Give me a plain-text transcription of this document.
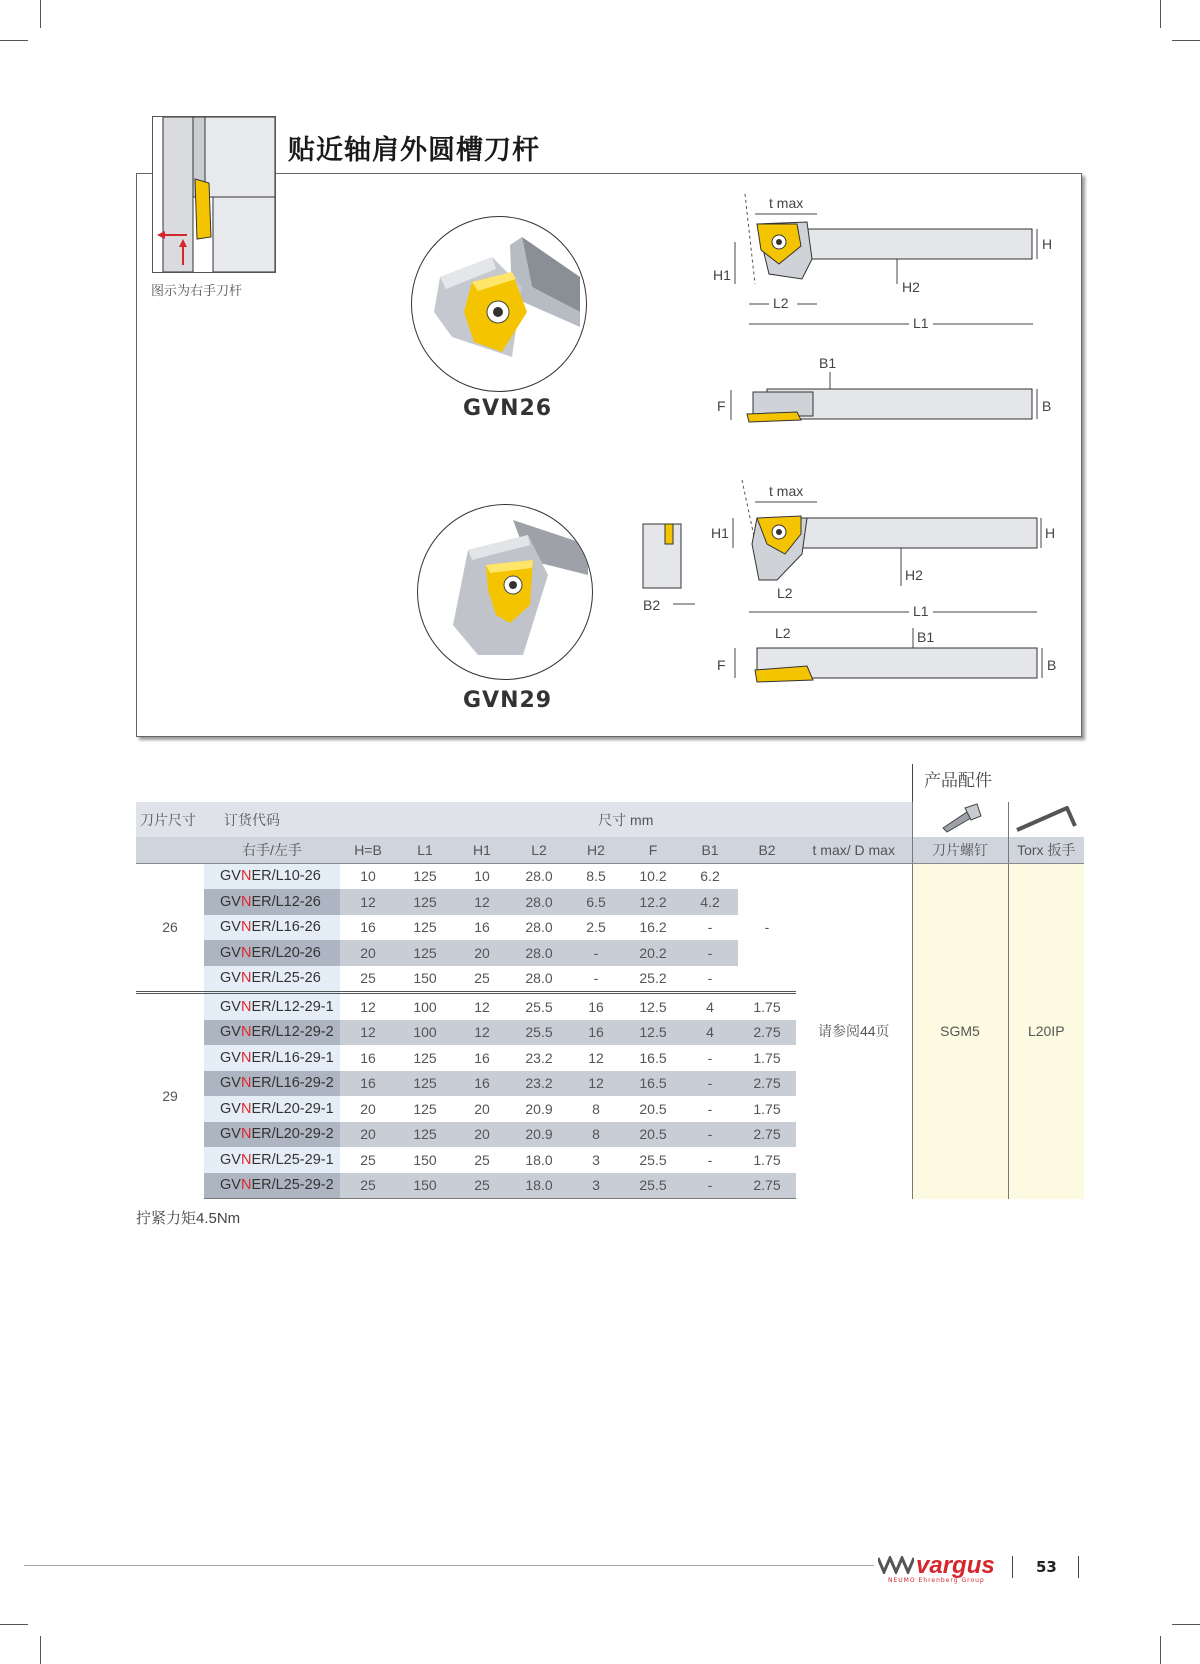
GVN26
GVN29
t max
H
H1
H2
L2
L1
B1
F	B
B2
t max
H1	H
H2
L2
L1
L2	B1
F	B
图示为右手刀杆
贴近轴肩外圆槽刀杆
产品配件
刀片尺寸	订货代码	尺寸 mm		
	右手/左手	H=B	L1	H1	L2	H2	F	B1	B2	t max/ D max	刀片螺钉	Torx 扳手
26	GVNER/L10-26	10	125	10	28.0	8.5	10.2	6.2	-	请参阅44页	SGM5	L20IP
	GVNER/L12-26	12	125	12	28.0	6.5	12.2	4.2				
	GVNER/L16-26	16	125	16	28.0	2.5	16.2	-				
	GVNER/L20-26	20	125	20	28.0	-	20.2	-				
	GVNER/L25-26	25	150	25	28.0	-	25.2	-				
29	GVNER/L12-29-1	12	100	12	25.5	16	12.5	4	1.75			
	GVNER/L12-29-2	12	100	12	25.5	16	12.5	4	2.75			
	GVNER/L16-29-1	16	125	16	23.2	12	16.5	-	1.75			
	GVNER/L16-29-2	16	125	16	23.2	12	16.5	-	2.75			
	GVNER/L20-29-1	20	125	20	20.9	8	20.5	-	1.75			
	GVNER/L20-29-2	20	125	20	20.9	8	20.5	-	2.75			
	GVNER/L25-29-1	25	150	25	18.0	3	25.5	-	1.75			
	GVNER/L25-29-2	25	150	25	18.0	3	25.5	-	2.75			
拧紧力矩4.5Nm
vargus
NEUMO Ehrenberg Group
53
